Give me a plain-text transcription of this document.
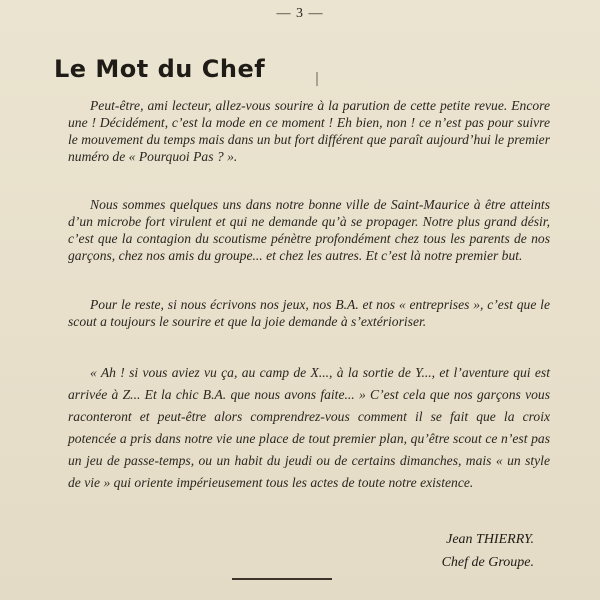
— 3 —
Le Mot du Chef

Peut-être, ami lecteur, allez-vous sourire à la parution de cette petite revue. Encore une ! Décidément, c’est la mode en ce moment ! Eh bien, non ! ce n’est pas pour suivre le mouvement du temps mais dans un but fort différent que paraît aujourd’hui le premier numéro de « Pourquoi Pas ? ».

Nous sommes quelques uns dans notre bonne ville de Saint-Maurice à être atteints d’un microbe fort virulent et qui ne demande qu’à se propager. Notre plus grand désir, c’est que la contagion du scoutisme pénètre profondément chez tous les parents de nos garçons, chez nos amis du groupe... et chez les autres. Et c’est là notre premier but.

Pour le reste, si nous écrivons nos jeux, nos B.A. et nos « entreprises », c’est que le scout a toujours le sourire et que la joie demande à s’extérioriser.

« Ah ! si vous aviez vu ça, au camp de X..., à la sortie de Y..., et l’aventure qui est arrivée à Z... Et la chic B.A. que nous avons faite... » C’est cela que nos garçons vous raconteront et peut-être alors comprendrez-vous comment il se fait que la croix potencée a pris dans notre vie une place de tout premier plan, qu’être scout ce n’est pas un jeu de passe-temps, ou un habit du jeudi ou de certains dimanches, mais « un style de vie » qui oriente impérieusement tous les actes de toute notre existence.

Jean THIERRY.
Chef de Groupe.
